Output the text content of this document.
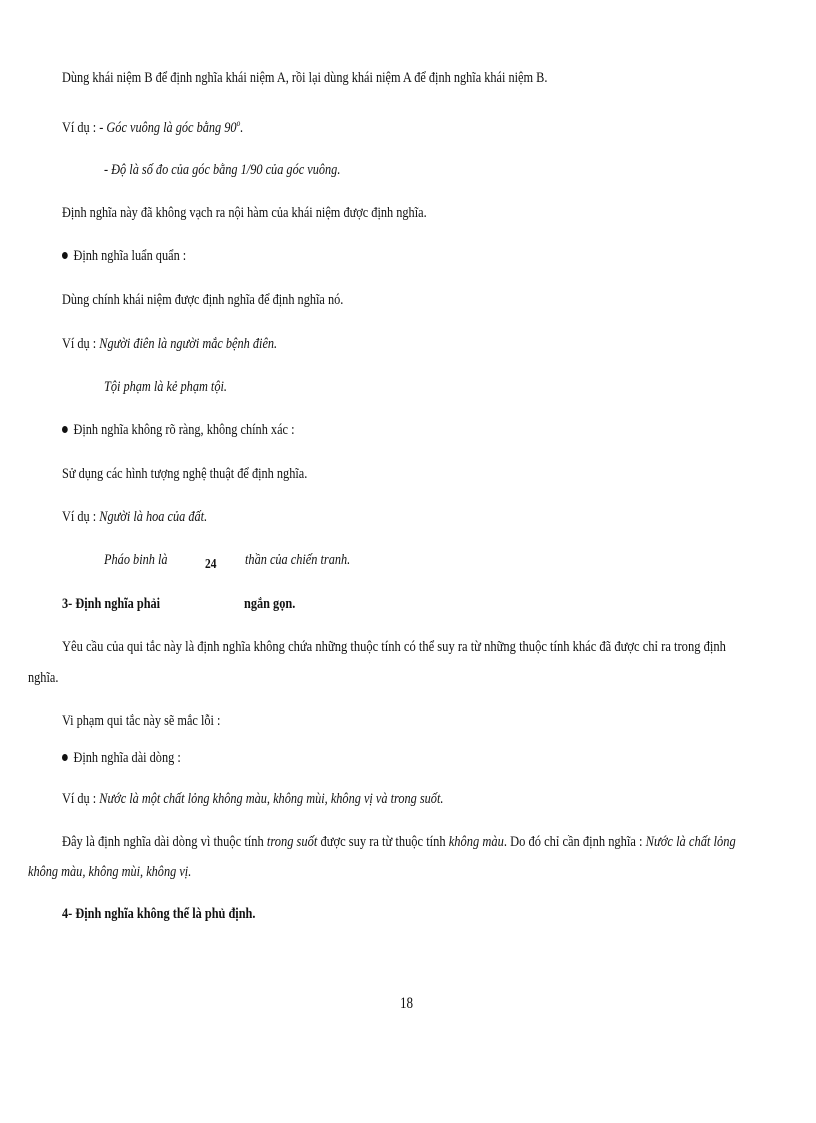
Dùng khái niệm B để định nghĩa khái niệm A, rồi lại dùng khái niệm A để định nghĩa khái niệm B.
Ví dụ : - Góc vuông là góc bằng 90$^o$.
- Độ là số đo của góc bằng 1/90 của góc vuông.
Định nghĩa này đã không vạch ra nội hàm của khái niệm được định nghĩa.
Định nghĩa luẩn quẩn :
Dùng chính khái niệm được định nghĩa để định nghĩa nó.
Ví dụ : Người điên là người mắc bệnh điên.
Tội phạm là kẻ phạm tội.
Định nghĩa không rõ ràng, không chính xác :
Sử dụng các hình tượng nghệ thuật để định nghĩa.
Ví dụ : Người là hoa của đất.
Pháo binh là	24 thần của chiến tranh.
3- Định nghĩa phải	ngắn gọn.
Yêu cầu của qui tắc này là định nghĩa không chứa những thuộc tính có thể suy ra từ những thuộc tính khác đã được chỉ ra trong định
nghĩa.
Vi phạm qui tắc này sẽ mắc lỗi :
Định nghĩa dài dòng :
Ví dụ : Nước là một chất lỏng không màu, không mùi, không vị và trong suốt.
Đây là định nghĩa dài dòng vì thuộc tính trong suốt được suy ra từ thuộc tính không màu. Do đó chỉ cần định nghĩa : Nước là chất lỏng
không màu, không mùi, không vị.
4- Định nghĩa không thể là phủ định.
18
